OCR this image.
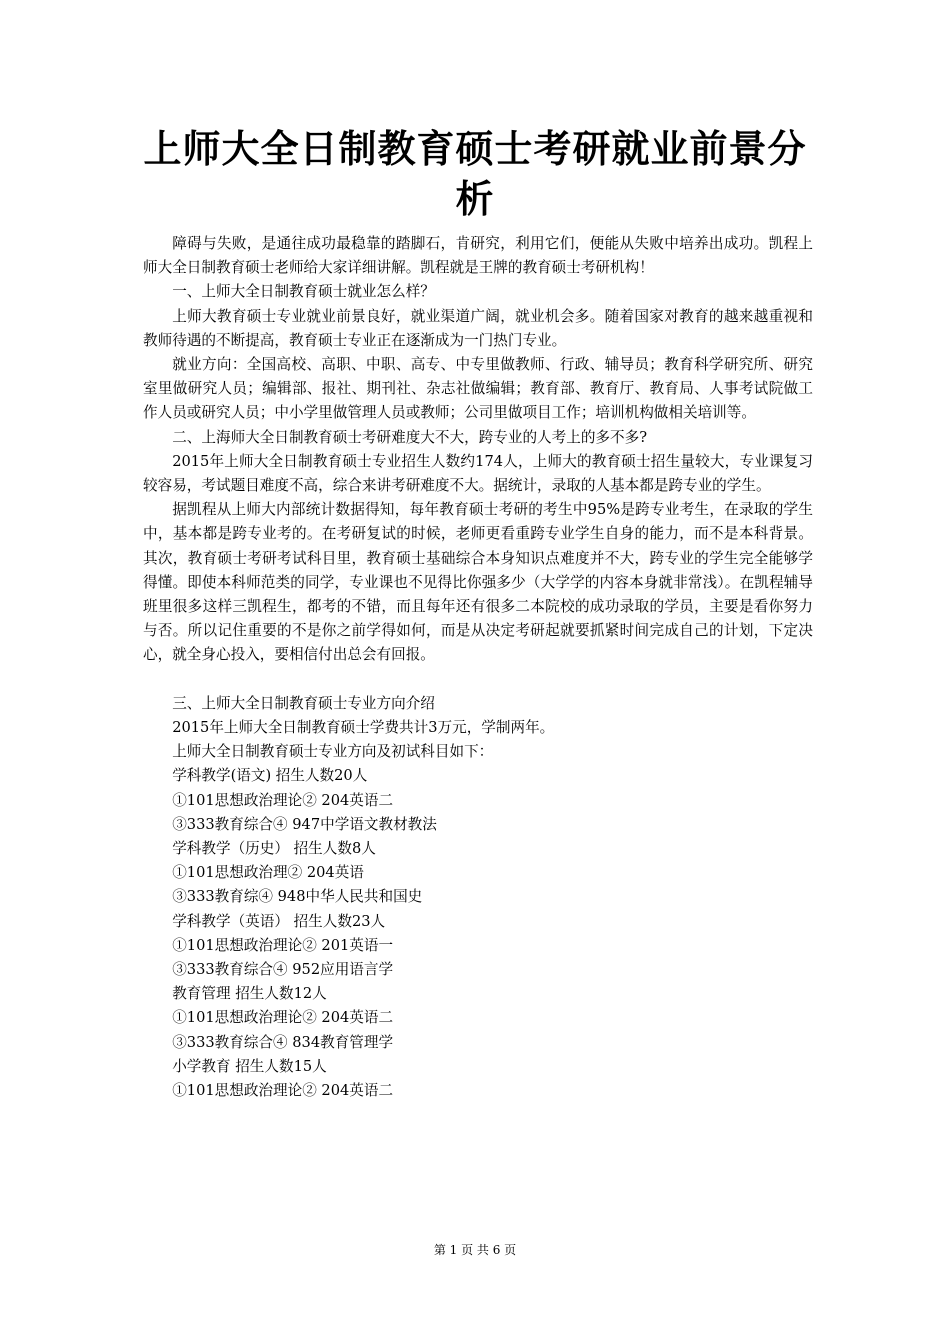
上师大全日制教育硕士考研就业前景分析

障碍与失败，是通往成功最稳靠的踏脚石，肯研究，利用它们，便能从失败中培养出成功。凯程上师大全日制教育硕士老师给大家详细讲解。凯程就是王牌的教育硕士考研机构！

一、上师大全日制教育硕士就业怎么样？

上师大教育硕士专业就业前景良好，就业渠道广阔，就业机会多。随着国家对教育的越来越重视和教师待遇的不断提高，教育硕士专业正在逐渐成为一门热门专业。

就业方向：全国高校、高职、中职、高专、中专里做教师、行政、辅导员；教育科学研究所、研究室里做研究人员；编辑部、报社、期刊社、杂志社做编辑；教育部、教育厅、教育局、人事考试院做工作人员或研究人员；中小学里做管理人员或教师；公司里做项目工作；培训机构做相关培训等。

二、上海师大全日制教育硕士考研难度大不大，跨专业的人考上的多不多?

2015年上师大全日制教育硕士专业招生人数约174人，上师大的教育硕士招生量较大，专业课复习较容易，考试题目难度不高，综合来讲考研难度不大。据统计，录取的人基本都是跨专业的学生。

据凯程从上师大内部统计数据得知，每年教育硕士考研的考生中95%是跨专业考生，在录取的学生中，基本都是跨专业考的。在考研复试的时候，老师更看重跨专业学生自身的能力，而不是本科背景。其次，教育硕士考研考试科目里，教育硕士基础综合本身知识点难度并不大，跨专业的学生完全能够学得懂。即使本科师范类的同学，专业课也不见得比你强多少（大学学的内容本身就非常浅）。在凯程辅导班里很多这样三凯程生，都考的不错，而且每年还有很多二本院校的成功录取的学员，主要是看你努力与否。所以记住重要的不是你之前学得如何，而是从决定考研起就要抓紧时间完成自己的计划，下定决心，就全身心投入，要相信付出总会有回报。

三、上师大全日制教育硕士专业方向介绍

2015年上师大全日制教育硕士学费共计3万元，学制两年。

上师大全日制教育硕士专业方向及初试科目如下：

学科教学(语文) 招生人数20人

①101思想政治理论② 204英语二

③333教育综合④ 947中学语文教材教法

学科教学（历史） 招生人数8人

①101思想政治理② 204英语

③333教育综④ 948中华人民共和国史

学科教学（英语） 招生人数23人

①101思想政治理论② 201英语一

③333教育综合④ 952应用语言学

教育管理 招生人数12人

①101思想政治理论② 204英语二

③333教育综合④ 834教育管理学

小学教育 招生人数15人

①101思想政治理论② 204英语二

第 1 页 共 6 页
